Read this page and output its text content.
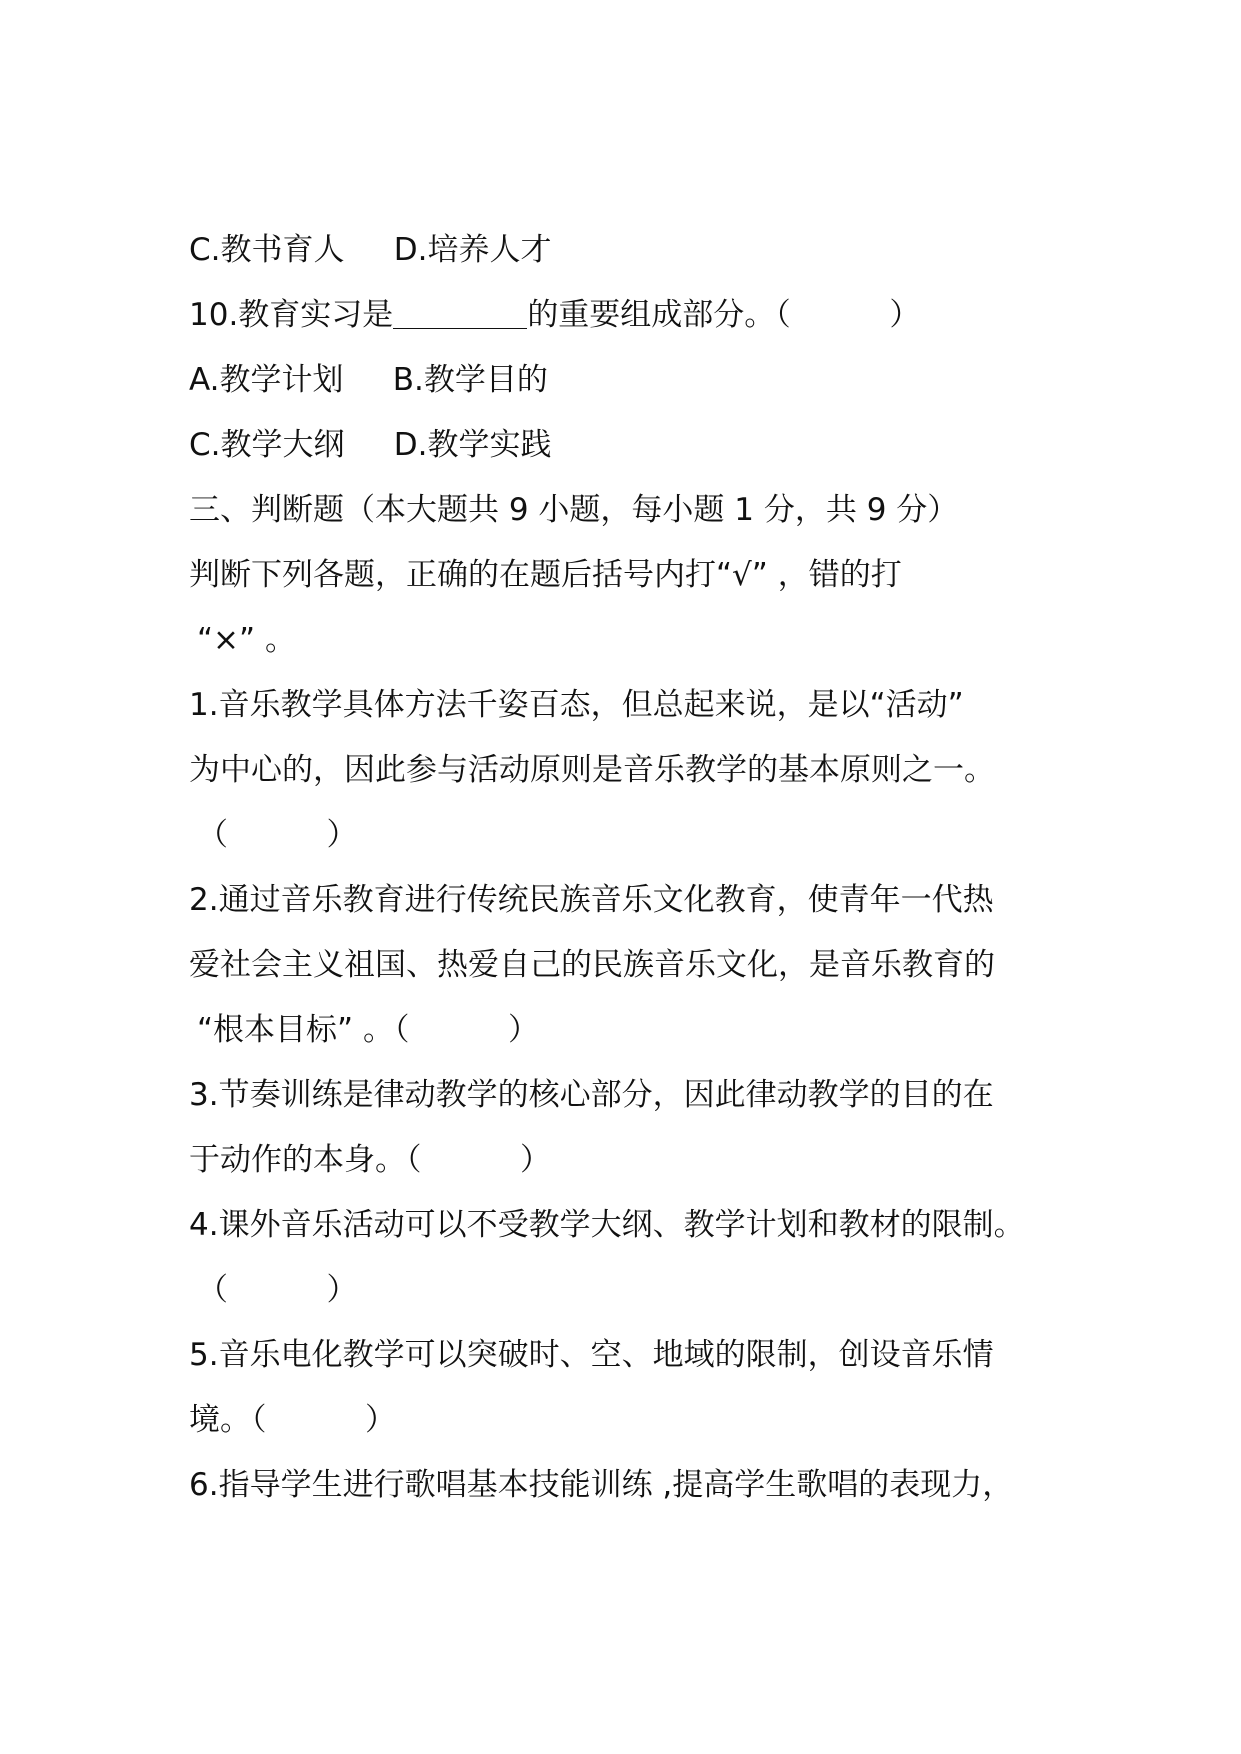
C.教书育人     D.培养人才
10.教育实习是	的重要组成部分。（          ）
A.教学计划     B.教学目的
C.教学大纲     D.教学实践
三、判断题（本大题共 9 小题，每小题 1 分，共 9 分）
判断下列各题，正确的在题后括号内打“√” ，错的打
“×” 。
1.音乐教学具体方法千姿百态，但总起来说，是以“活动”
为中心的，因此参与活动原则是音乐教学的基本原则之一。
（          ）
2.通过音乐教育进行传统民族音乐文化教育，使青年一代热
爱社会主义祖国、热爱自己的民族音乐文化，是音乐教育的
“根本目标” 。（          ）
3.节奏训练是律动教学的核心部分，因此律动教学的目的在
于动作的本身。（          ）
4.课外音乐活动可以不受教学大纲、教学计划和教材的限制。
（          ）
5.音乐电化教学可以突破时、空、地域的限制，创设音乐情
境。（          ）
6.指导学生进行歌唱基本技能训练 ,提高学生歌唱的表现力，
